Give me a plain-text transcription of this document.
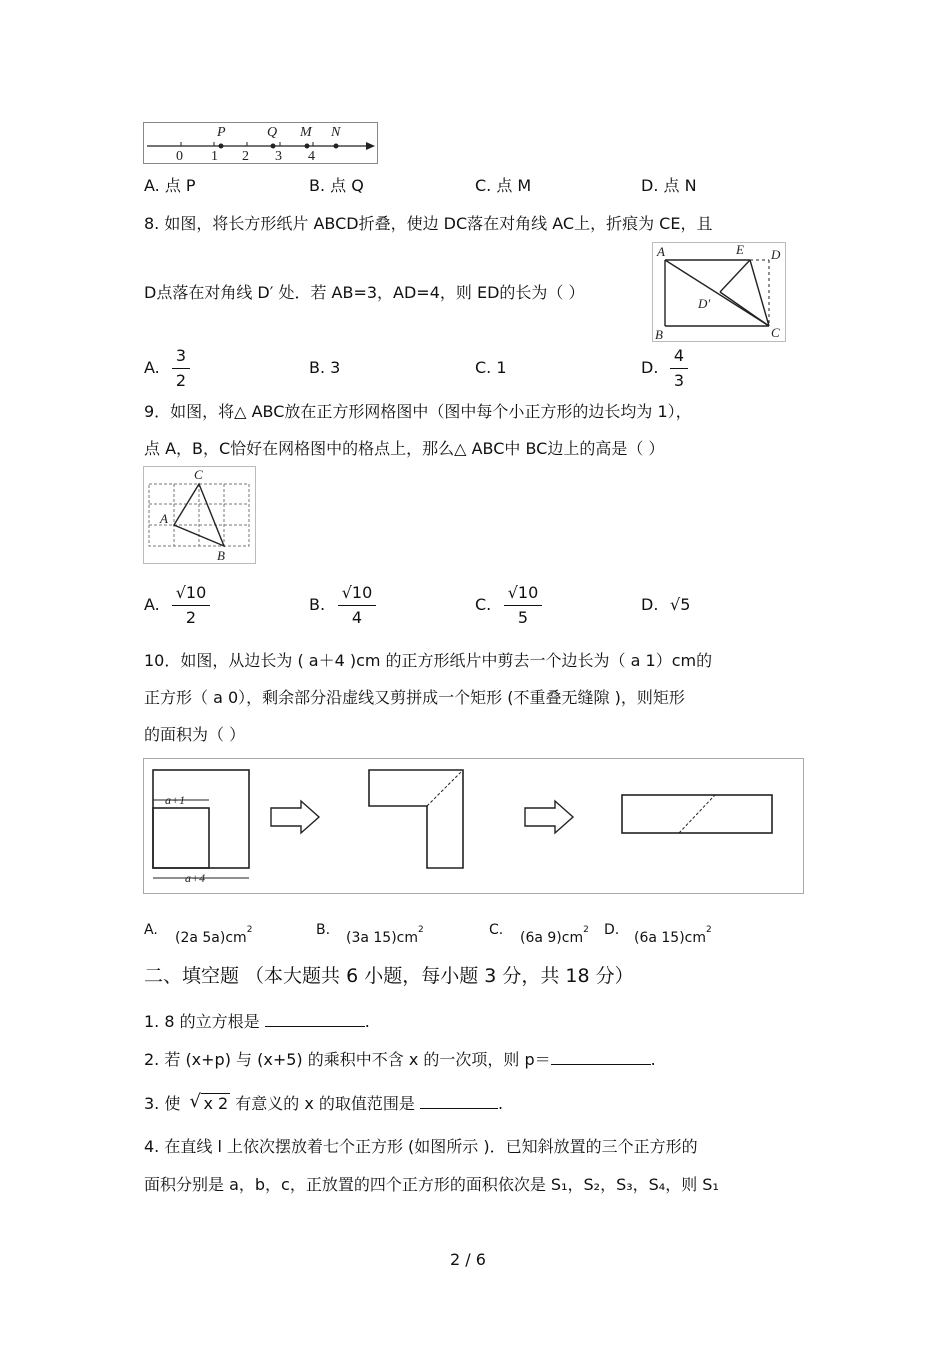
P	Q M N
0 1 2 3 4
A. 点 P	B. 点 Q	C. 点 M	D. 点 N
8. 如图，将长方形纸片 ABCD折叠，使边 DC落在对角线 AC上，折痕为 CE，且
D点落在对角线 D′ 处．若 AB=3，AD=4，则 ED的长为（ ）
A	E D
D′
B	C
A.
3
2
B. 3	C. 1	D.
4
3
9．如图，将△ ABC放在正方形网格图中（图中每个小正方形的边长均为 1），
点 A，B，C恰好在网格图中的格点上，那么△ ABC中 BC边上的高是（ ）
C
A
B
A.
√10
2
B.
√10
4
C.
√10
5
D. √5
10．如图，从边长为 ( a＋4 )cm 的正方形纸片中剪去一个边长为（ a 1）cm的
正方形（ a 0），剩余部分沿虚线又剪拼成一个矩形 (不重叠无缝隙 )，则矩形
的面积为（ ）
a+1
a+4
A. (2a $5a)cm^2$	B. (3a $15)cm^2$	C. (6a $9)cm^2$ D. (6a $15)cm^2$
二、填空题 （本大题共 6 小题，每小题 3 分，共 18 分）
1. 8 的立方根是	.
2. 若 (x+p) 与 (x+5) 的乘积中不含 x 的一次项，则 p＝	.
3. 使 √ x 2 有意义的 x 的取值范围是	.
4. 在直线 l 上依次摆放着七个正方形 (如图所示 )．已知斜放置的三个正方形的
面积分别是 a，b，c，正放置的四个正方形的面积依次是 S₁，S₂，S₃，S₄，则 S₁
2 / 6
